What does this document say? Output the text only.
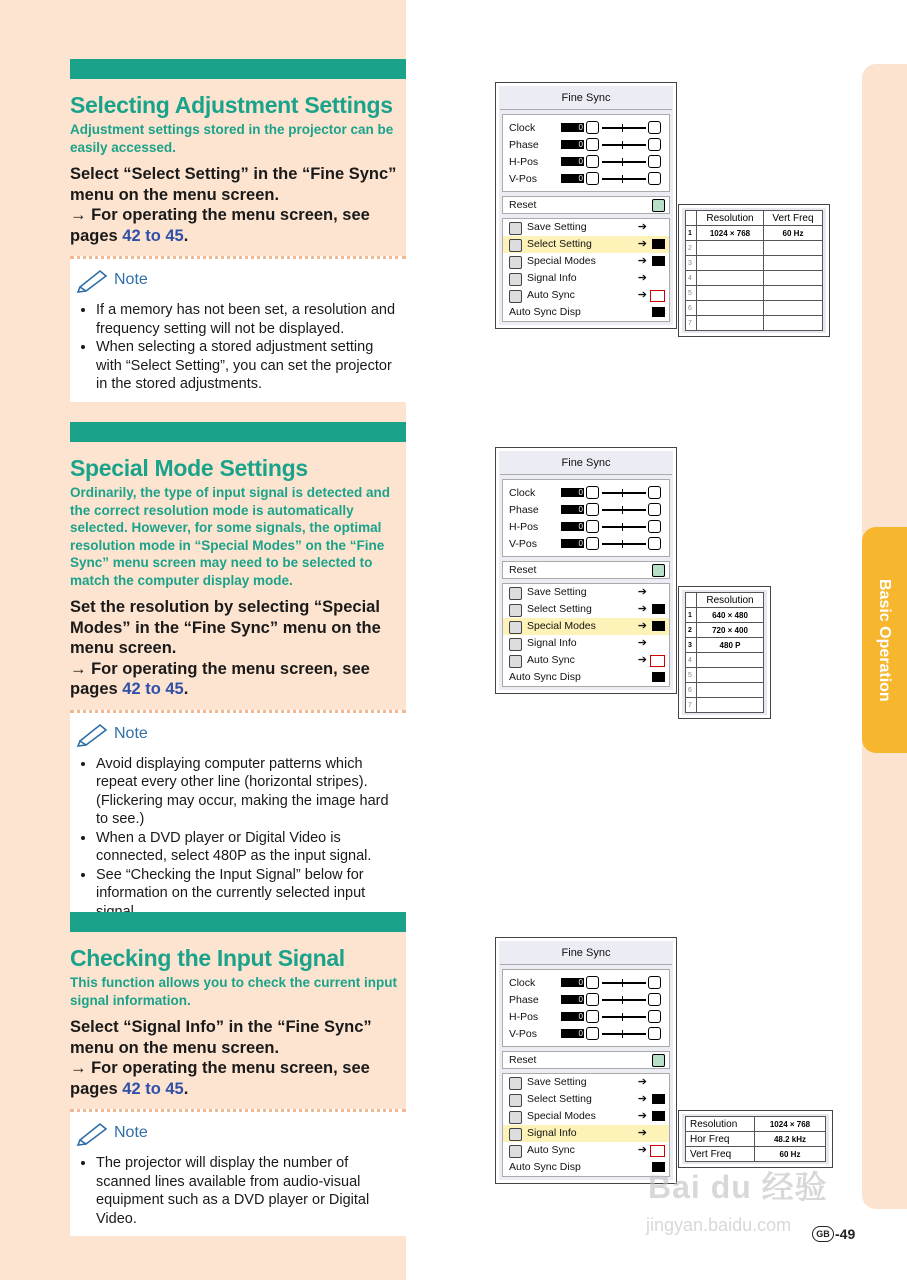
Selecting Adjustment Settings
Adjustment settings stored in the projector can be easily accessed.
Select “Select Setting” in the “Fine Sync” menu on the menu screen.
→ For operating the menu screen, see pages 42 to 45.
Note
• If a memory has not been set, a resolution and frequency setting will not be displayed.
• When selecting a stored adjustment setting with “Select Setting”, you can set the projector in the stored adjustments.
Special Mode Settings
Ordinarily, the type of input signal is detected and the correct resolution mode is automatically selected. However, for some signals, the optimal resolution mode in “Special Modes” on the “Fine Sync” menu screen may need to be selected to match the computer display mode.
Set the resolution by selecting “Special Modes” in the “Fine Sync” menu on the menu screen.
→ For operating the menu screen, see pages 42 to 45.
Note
• Avoid displaying computer patterns which repeat every other line (horizontal stripes). (Flickering may occur, making the image hard to see.)
• When a DVD player or Digital Video is connected, select 480P as the input signal.
• See “Checking the Input Signal” below for information on the currently selected input
Checking the Input Signal
This function allows you to check the current input signal information.
Select “Signal Info” in the “Fine Sync” menu on the menu screen.
→ For operating the menu screen, see pages 42 to 45.
Note
• The projector will display the number of scanned lines available from audio-visual equipment such as a DVD player or Digital Video.
Fine Sync
Clock	0
Phase	0
H-Pos	0
V-Pos	0
Reset
Save Setting	➔
Select Setting	➔
Special Modes	➔
Signal Info	➔
Auto Sync	➔
Auto Sync Disp
Fine Sync
Clock	0
Phase	0
H-Pos	0
V-Pos	0
Reset
Save Setting	➔
Select Setting	➔
Special Modes	➔
Signal Info	➔
Auto Sync	➔
Auto Sync Disp
Fine Sync
Clock	0
Phase	0
H-Pos	0
V-Pos	0
Reset
Save Setting	➔
Select Setting	➔
Special Modes	➔
Signal Info	➔
Auto Sync	➔
Auto Sync Disp
	Resolution	Vert Freq
1	1024 × 768	60 Hz
2		
3		
4		
5		
6		
7		
	Resolution
1	640 × 480
2	720 × 400
3	480 P
4	
5	
6	
7	
Resolution	1024 × 768
Hor Freq	48.2 kHz
Vert Freq	60 Hz
Basic Operation
Bai du 经验
jingyan.baidu.com	GB -49
